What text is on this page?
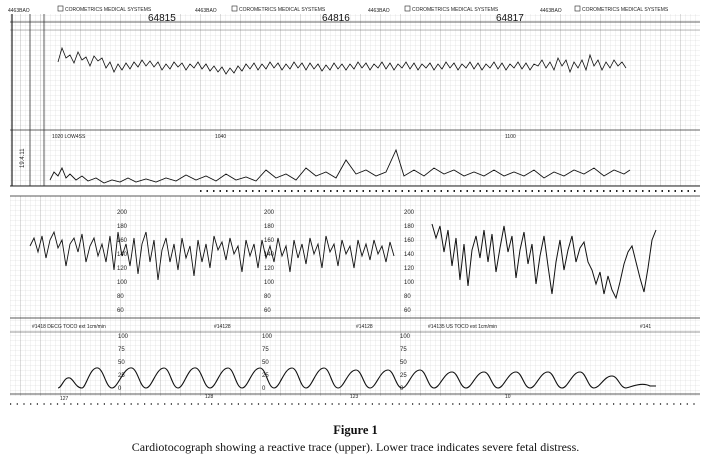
4463BAO	COROMETRICS MEDICAL SYSTEMS
64815
4463BAO	COROMETRICS MEDICAL SYSTEMS
64816
4463BAO	COROMETRICS MEDICAL SYSTEMS
64817
4463BAO	COROMETRICS MEDICAL SYSTEMS
19.4.11
1020 LOW4SS	1040	1100
200
180
160
140
120
100
80
60
200
180
160
140
120
100
80
60
200
180
160
140
120
100
80
60
#1418 DECG TOCO ext 1cm/min	#14128	#14128	#14135 US TOCO ext 1cm/min	#141
100
75
50
25
0
100
75
50
25
0
100
75
50
25
0
127	128	123	10
Figure 1
Cardiotocograph showing a reactive trace (upper). Lower trace indicates severe fetal distress.
